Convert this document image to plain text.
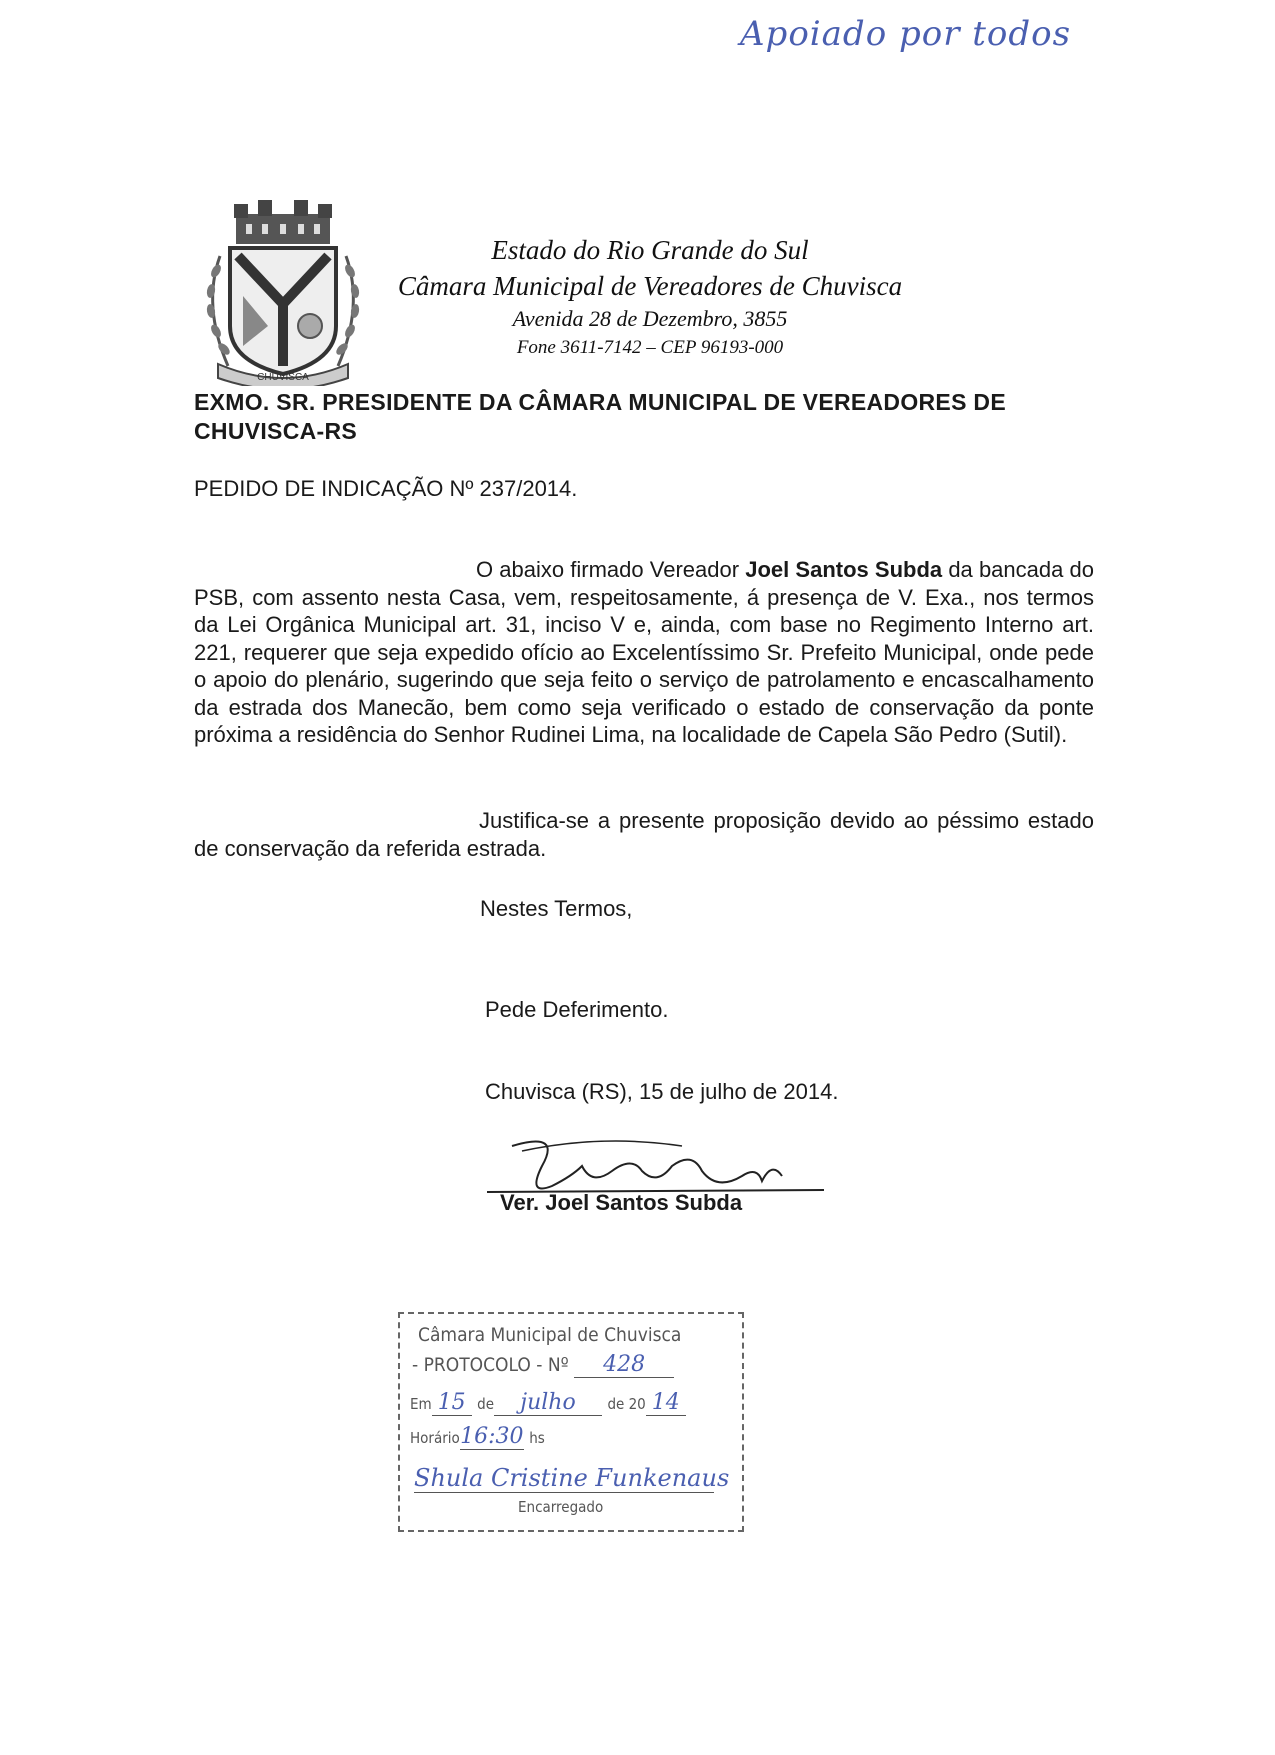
Apoiado por todos
CHUVISCA
Estado do Rio Grande do Sul
Câmara Municipal de Vereadores de Chuvisca
Avenida 28 de Dezembro, 3855
Fone 3611-7142 – CEP 96193-000
EXMO. SR. PRESIDENTE DA CÂMARA MUNICIPAL DE VEREADORES DE CHUVISCA-RS
PEDIDO DE INDICAÇÃO Nº 237/2014.
O abaixo firmado Vereador Joel Santos Subda da bancada do PSB, com assento nesta Casa, vem, respeitosamente, á presença de V. Exa., nos termos da Lei Orgânica Municipal art. 31, inciso V e, ainda, com base no Regimento Interno art. 221, requerer que seja expedido ofício ao Excelentíssimo Sr. Prefeito Municipal, onde pede o apoio do plenário, sugerindo que seja feito o serviço de patrolamento e encascalhamento da estrada dos Manecão, bem como seja verificado o estado de conservação da ponte próxima a residência do Senhor Rudinei Lima, na localidade de Capela São Pedro (Sutil).
Justifica-se a presente proposição devido ao péssimo estado de conservação da referida estrada.
Nestes Termos,
Pede Deferimento.
Chuvisca (RS), 15 de julho de 2014.
Ver. Joel Santos Subda
Câmara Municipal de Chuvisca
- PROTOCOLO - Nº 428
Em 15 de julho de 20 14
Horário16:30 hs
Shula Cristine Funkenaus
Encarregado
